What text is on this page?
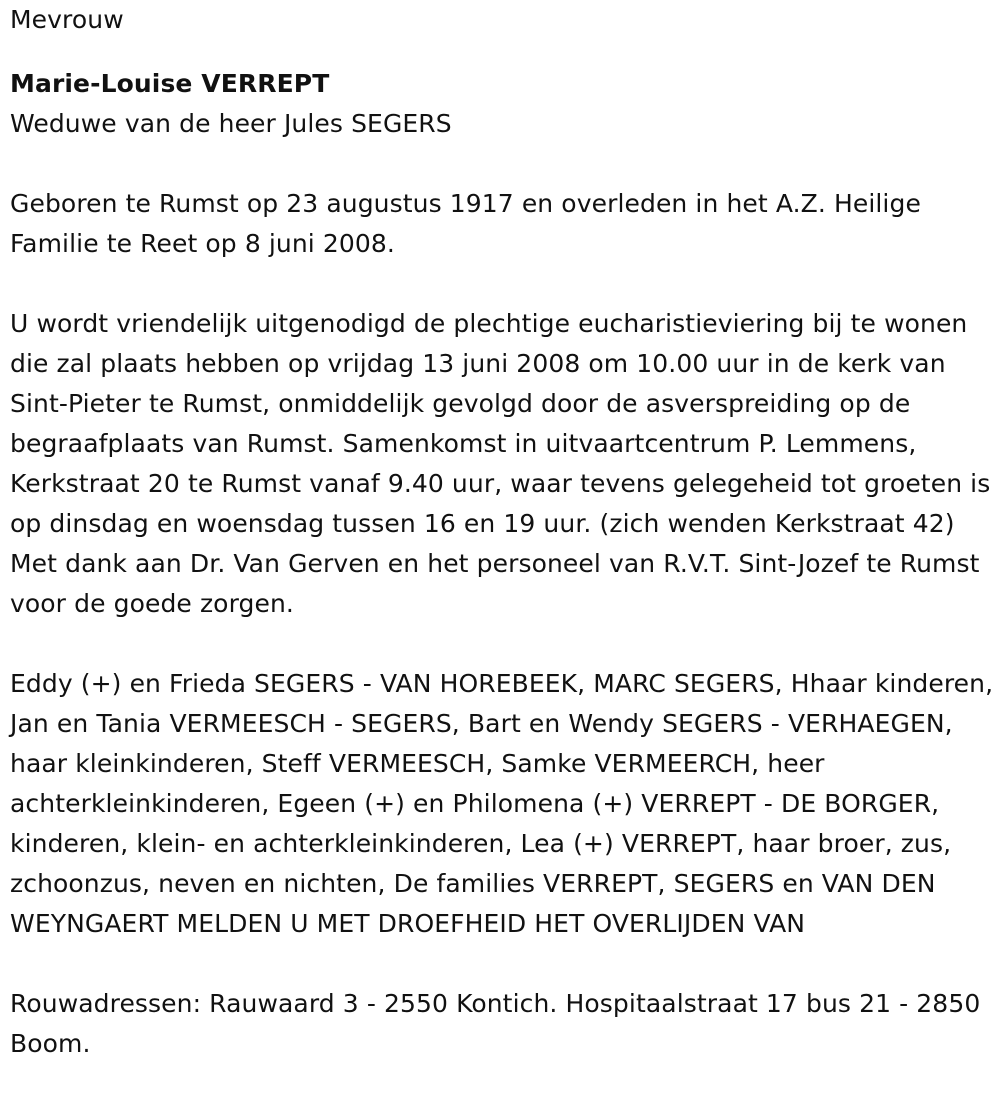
Mevrouw
Marie-Louise VERREPT
Weduwe van de heer Jules SEGERS

Geboren te Rumst op 23 augustus 1917 en overleden in het A.Z. Heilige Familie te Reet op 8 juni 2008.

U wordt vriendelijk uitgenodigd de plechtige eucharistieviering bij te wonen die zal plaats hebben op vrijdag 13 juni 2008 om 10.00 uur in de kerk van Sint-Pieter te Rumst, onmiddelijk gevolgd door de asverspreiding op de begraafplaats van Rumst. Samenkomst in uitvaartcentrum P. Lemmens, Kerkstraat 20 te Rumst vanaf 9.40 uur, waar tevens gelegeheid tot groeten is op dinsdag en woensdag tussen 16 en 19 uur. (zich wenden Kerkstraat 42) Met dank aan Dr. Van Gerven en het personeel van R.V.T. Sint-Jozef te Rumst voor de goede zorgen.

Eddy (+) en Frieda SEGERS - VAN HOREBEEK, MARC SEGERS, Hhaar kinderen, Jan en Tania VERMEESCH - SEGERS, Bart en Wendy SEGERS - VERHAEGEN, haar kleinkinderen, Steff VERMEESCH, Samke VERMEERCH, heer achterkleinkinderen, Egeen (+) en Philomena (+) VERREPT - DE BORGER, kinderen, klein- en achterkleinkinderen, Lea (+) VERREPT, haar broer, zus, zchoonzus, neven en nichten, De families VERREPT, SEGERS en VAN DEN WEYNGAERT MELDEN U MET DROEFHEID HET OVERLIJDEN VAN

Rouwadressen: Rauwaard 3 - 2550 Kontich. Hospitaalstraat 17 bus 21 - 2850 Boom.
